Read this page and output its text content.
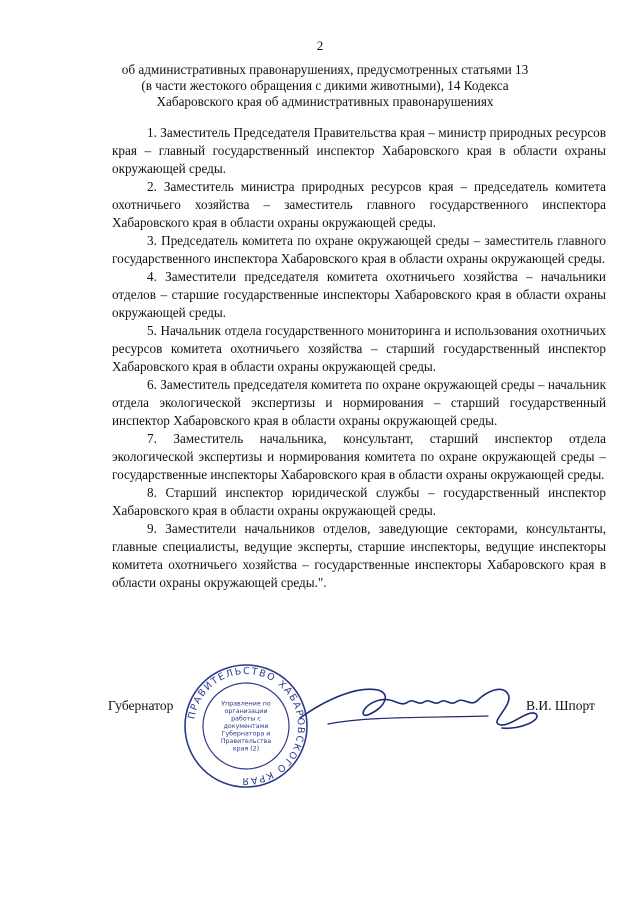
2
об административных правонарушениях, предусмотренных статьями 13
(в части жестокого обращения с дикими животными), 14 Кодекса
Хабаровского края об административных правонарушениях

1. Заместитель Председателя Правительства края – министр природных ресурсов края – главный государственный инспектор Хабаровского края в области охраны окружающей среды.

2. Заместитель министра природных ресурсов края – председатель комитета охотничьего хозяйства – заместитель главного государственного инспектора Хабаровского края в области охраны окружающей среды.

3. Председатель комитета по охране окружающей среды – заместитель главного государственного инспектора Хабаровского края в области охраны окружающей среды.

4. Заместители председателя комитета охотничьего хозяйства – начальники отделов – старшие государственные инспекторы Хабаровского края в области охраны окружающей среды.

5. Начальник отдела государственного мониторинга и использования охотничьих ресурсов комитета охотничьего хозяйства – старший государственный инспектор Хабаровского края в области охраны окружающей среды.

6. Заместитель председателя комитета по охране окружающей среды – начальник отдела экологической экспертизы и нормирования – старший государственный инспектор Хабаровского края в области охраны окружающей среды.

7. Заместитель начальника, консультант, старший инспектор отдела экологической экспертизы и нормирования комитета по охране окружающей среды – государственные инспекторы Хабаровского края в области охраны окружающей среды.

8. Старший инспектор юридической службы – государственный инспектор Хабаровского края в области охраны окружающей среды.

9. Заместители начальников отделов, заведующие секторами, консультанты, главные специалисты, ведущие эксперты, старшие инспекторы, ведущие инспекторы комитета охотничьего хозяйства – государственные инспекторы Хабаровского края в области охраны окружающей среды.".

Губернатор
ПРАВИТЕЛЬСТВО ХАБАРОВСКОГО КРАЯ
Управление по
организации
работы с
документами
Губернатора и
Правительства
края (2)
В.И. Шпорт
